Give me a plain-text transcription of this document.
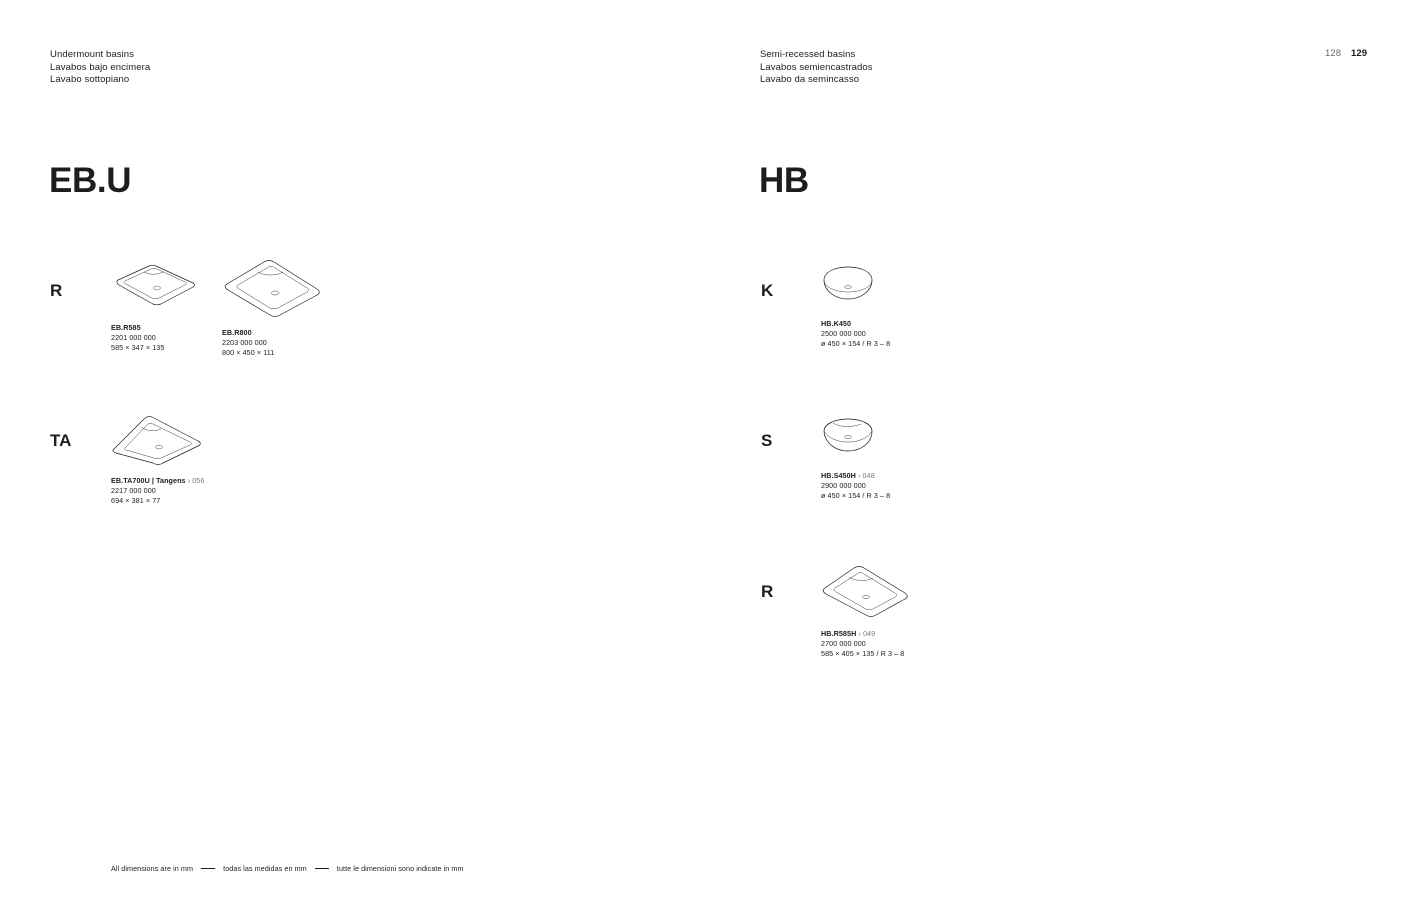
Undermount basins
Lavabos bajo encimera
Lavabo sottopiano
Semi-recessed basins
Lavabos semiencastrados
Lavabo da semincasso
128 129
EB.U
R
TA
EB.R585
2201 000 000
585 × 347 × 135
EB.R800
2203 000 000
800 × 450 × 111
EB.TA700U | Tangens › 056
2217 000 000
694 × 381 × 77
HB
K
S
R
HB.K450
2500 000 000
ø 450 × 154 / R 3 – 8
HB.S450H › 048
2900 000 000
ø 450 × 154 / R 3 – 8
HB.R585H › 049
2700 000 000
585 × 405 × 135 / R 3 – 8
All dimensions are in mm	todas las medidas en mm	tutte le dimensioni sono indicate in mm
